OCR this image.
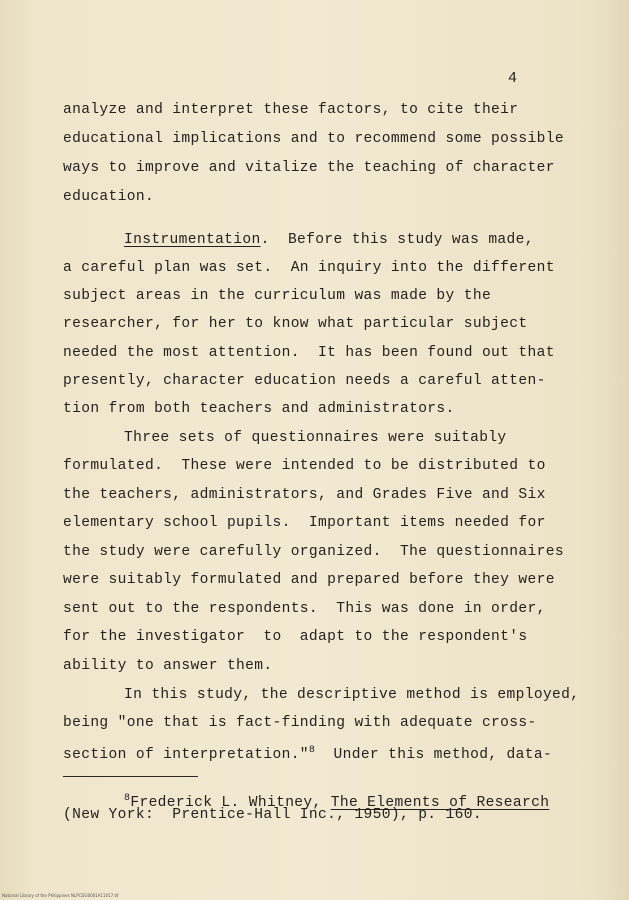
4
analyze and interpret these factors, to cite their
educational implications and to recommend some possible
ways to improve and vitalize the teaching of character
education.
Instrumentation. Before this study was made,
a careful plan was set.  An inquiry into the different
subject areas in the curriculum was made by the
researcher, for her to know what particular subject
needed the most attention.  It has been found out that
presently, character education needs a careful atten-
tion from both teachers and administrators.
Three sets of questionnaires were suitably
formulated.  These were intended to be distributed to
the teachers, administrators, and Grades Five and Six
elementary school pupils.  Important items needed for
the study were carefully organized.  The questionnaires
were suitably formulated and prepared before they were
sent out to the respondents.  This was done in order,
for the investigator  to  adapt to the respondent's
ability to answer them.
In this study, the descriptive method is employed,
being "one that is fact-finding with adequate cross-
section of interpretation."$^8$ Under this method, data-
$^8$Frederick L. Whitney, The Elements of Research
(New York:  Prentice-Hall Inc., 1950), p. 160.
National Library of the Philippines NLPCDG0001A11017.tif
